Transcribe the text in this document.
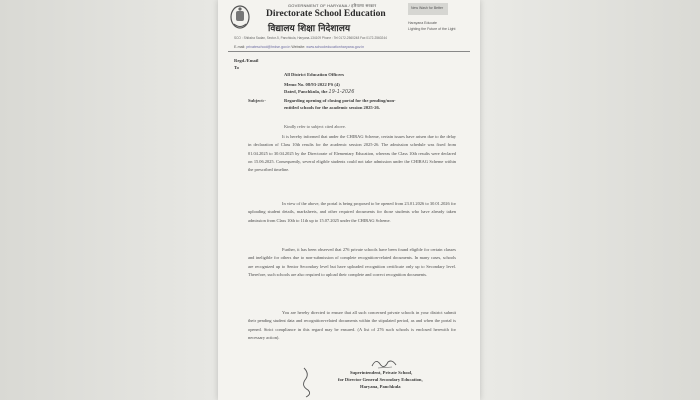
GOVERNMENT OF HARYANA / हरियाणा सरकार
Directorate School Education
विद्यालय शिक्षा निदेशालय
New Wash for Better
Harayana Educate
Lighting the Future of the Light
SCO : Shiksha Sadan, Sector-5, Panchkula, Haryana-134109 Phone : Tel 0172-2560248 Fax 0172-2560244
E-mail: privateschool@hrdse.gov.in Website: www.schooleducationharyana.gov.in
Regd./Email
To
All District Education Officers
Memo No. 08/93-2022 PS (4)
Dated, Panchkula, the 19-1-2026
Subject:-	Regarding opening of closing portal for the pending/non-
entitled schools for the academic session 2025-26.
Kindly refer to subject cited above.
It is hereby informed that under the CHIRAG Scheme, certain issues have arisen due to the delay in declaration of Class 10th results for the academic session 2025-26. The admission schedule was fixed from 01.04.2025 to 30.04.2025 by the Directorate of Elementary Education, whereas the Class 10th results were declared on 15.06.2025. Consequently, several eligible students could not take admission under the CHIRAG Scheme within the prescribed timeline.
In view of the above, the portal is being proposed to be opened from 23.01.2026 to 30.01.2026 for uploading student details, marksheets, and other required documents for those students who have already taken admission from Class 10th to 11th up to 15.07.2025 under the CHIRAG Scheme.
Further, it has been observed that 276 private schools have been found eligible for certain classes and ineligible for others due to non-submission of complete recognition-related documents. In many cases, schools are recognized up to Senior Secondary level but have uploaded recognition certificate only up to Secondary level. Therefore, such schools are also required to upload their complete and correct recognition documents.
You are hereby directed to ensure that all such concerned private schools in your district submit their pending student data and recognition-related documents within the stipulated period, as and when the portal is opened. Strict compliance in this regard may be ensured. (A list of 276 such schools is enclosed herewith for necessary action).
Superintendent, Private School,
for Director General Secondary Education,
Haryana, Panchkula
